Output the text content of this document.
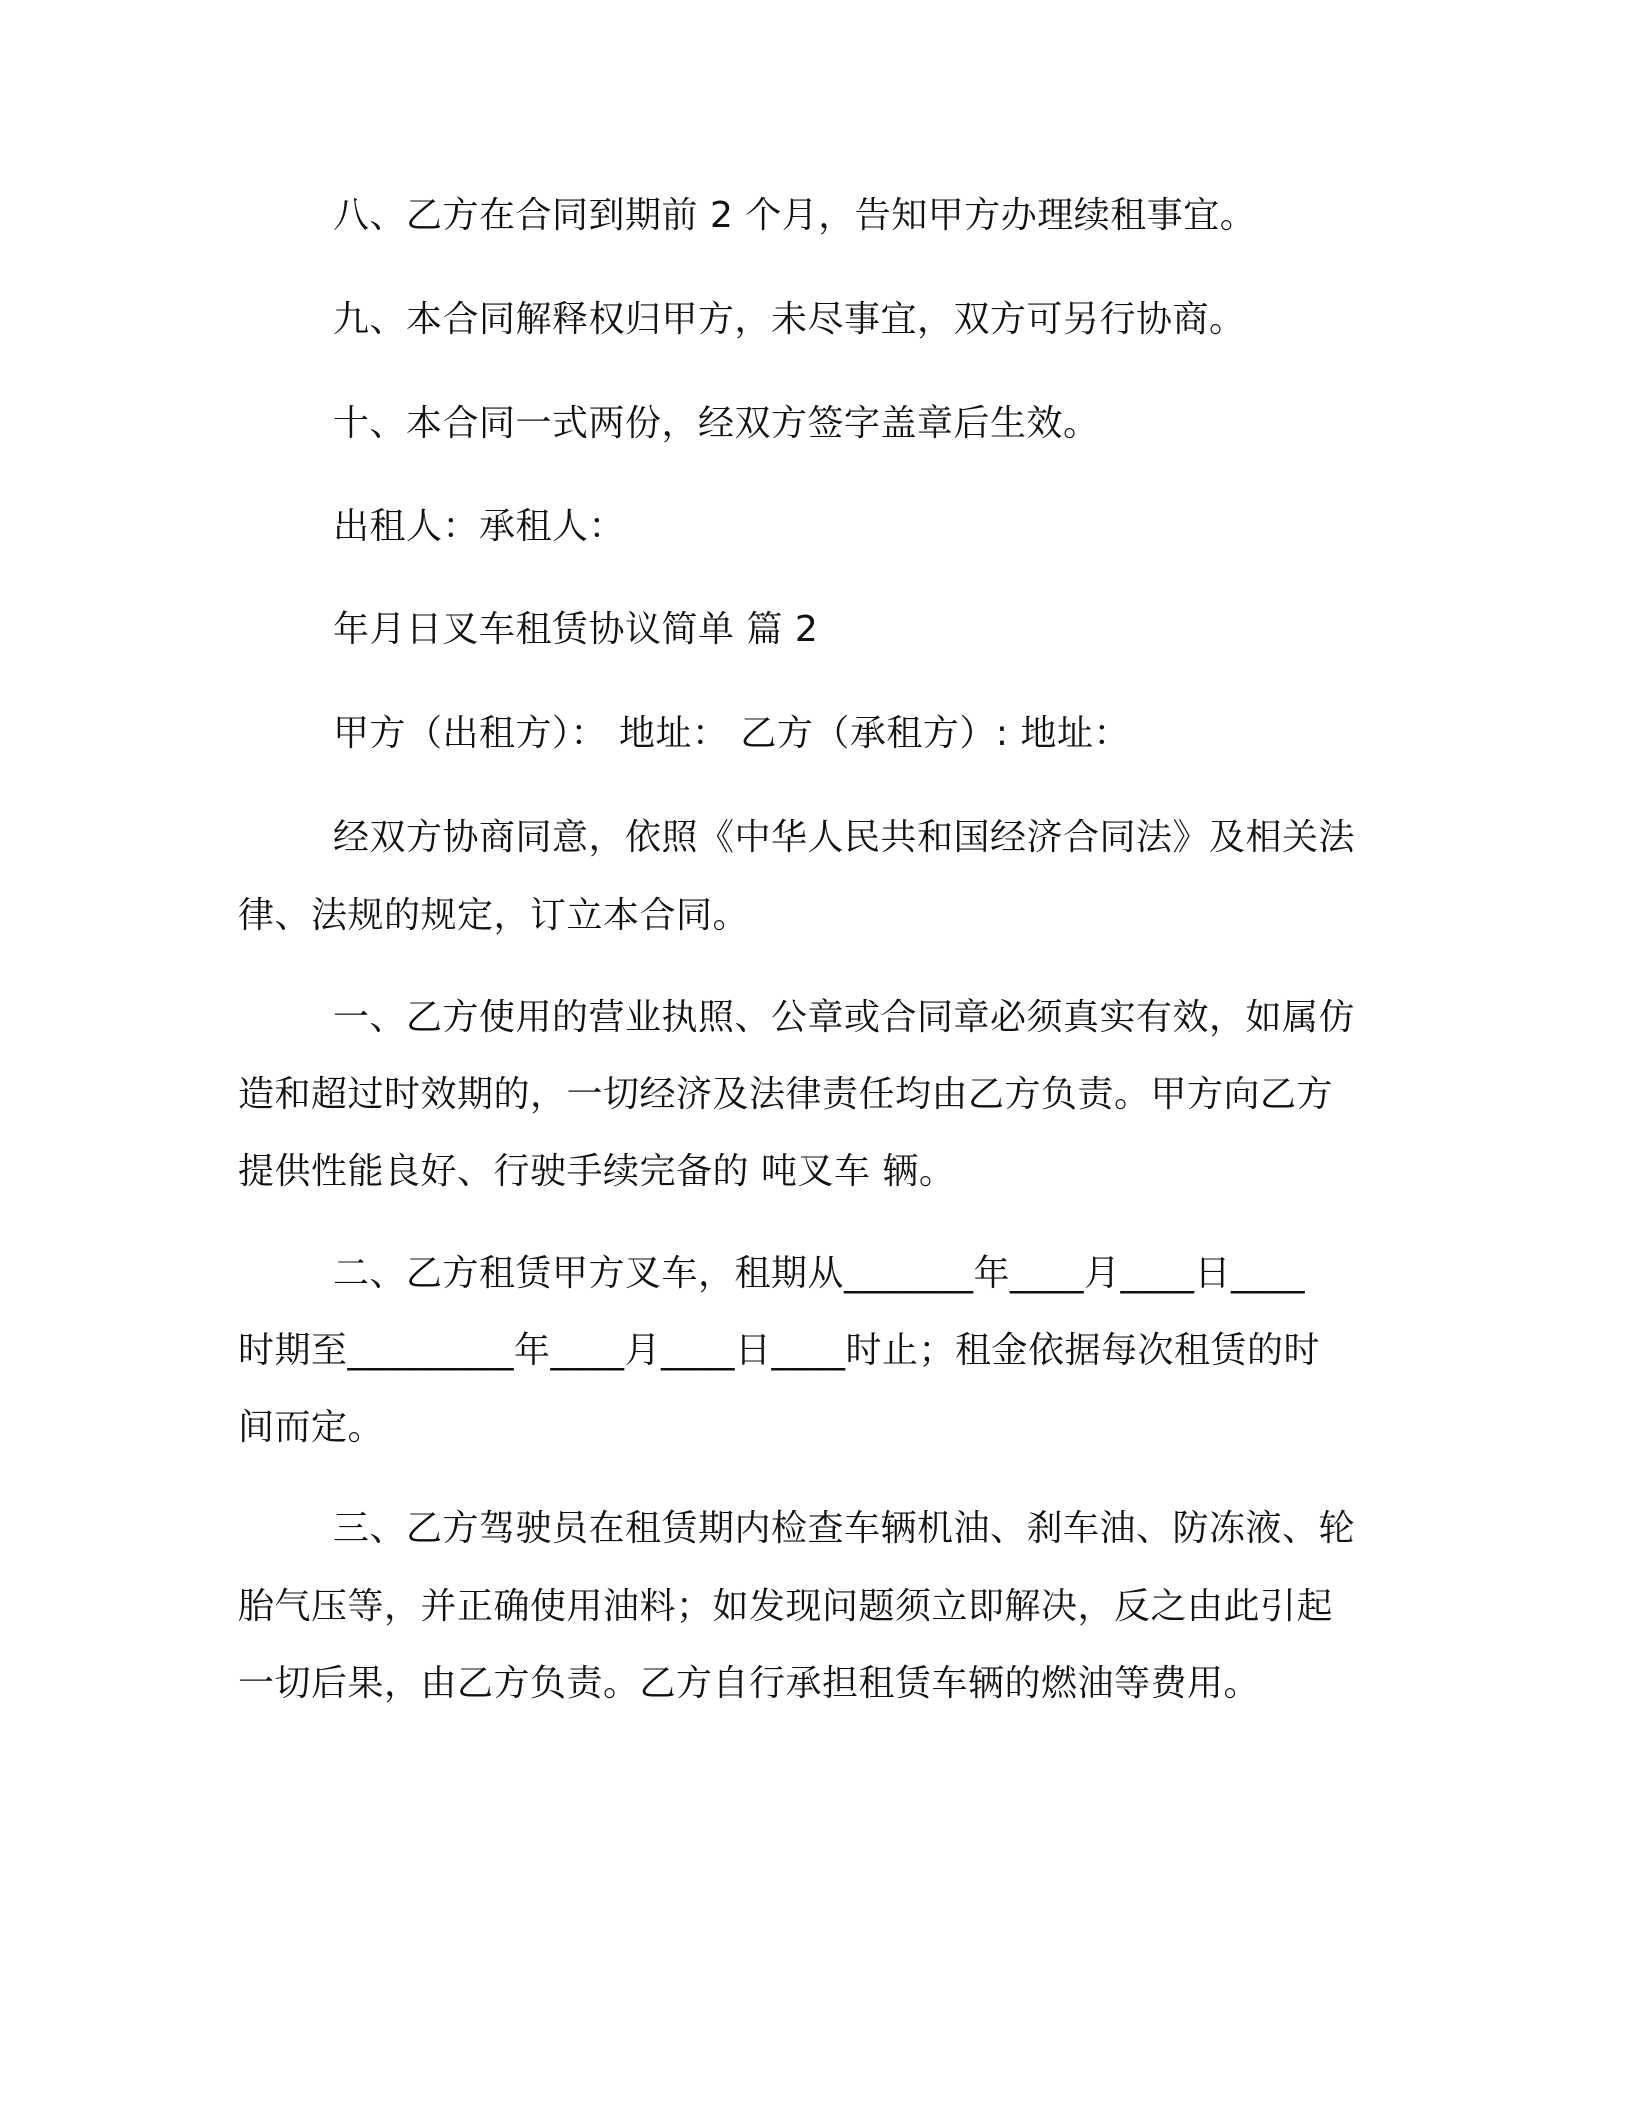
八、乙方在合同到期前 2 个月，告知甲方办理续租事宜。
九、本合同解释权归甲方，未尽事宜，双方可另行协商。
十、本合同一式两份，经双方签字盖章后生效。
出租人：承租人：
年月日叉车租赁协议简单 篇 2
甲方（出租方）： 地址： 乙方（承租方）: 地址：
经双方协商同意，依照《中华人民共和国经济合同法》及相关法
律、法规的规定，订立本合同。
一、乙方使用的营业执照、公章或合同章必须真实有效，如属仿
造和超过时效期的，一切经济及法律责任均由乙方负责。甲方向乙方
提供性能良好、行驶手续完备的 吨叉车 辆。
二、乙方租赁甲方叉车，租期从_______年____月____日____
时期至_________年____月____日____时止；租金依据每次租赁的时
间而定。
三、乙方驾驶员在租赁期内检查车辆机油、刹车油、防冻液、轮
胎气压等，并正确使用油料；如发现问题须立即解决，反之由此引起
一切后果，由乙方负责。乙方自行承担租赁车辆的燃油等费用。
